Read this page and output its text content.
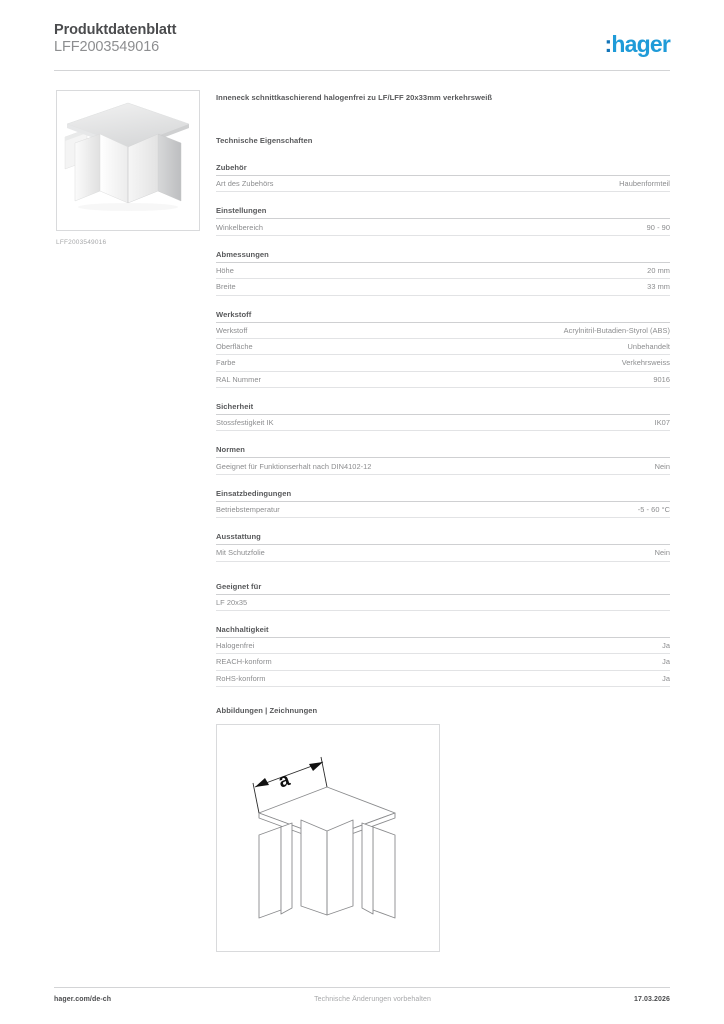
Produktdatenblatt
LFF2003549016	:hager
LFF2003549016
Inneneck schnittkaschierend halogenfrei zu LF/LFF 20x33mm verkehrsweiß
Technische Eigenschaften
Zubehör
Art des Zubehörs	Haubenformteil
Einstellungen
Winkelbereich	90 - 90
Abmessungen
Höhe	20 mm
Breite	33 mm
Werkstoff
Werkstoff	Acrylnitril-Butadien-Styrol (ABS)
Oberfläche	Unbehandelt
Farbe	Verkehrsweiss
RAL Nummer	9016
Sicherheit
Stossfestigkeit IK	IK07
Normen
Geeignet für Funktionserhalt nach DIN4102-12	Nein
Einsatzbedingungen
Betriebstemperatur	-5 - 60 °C
Ausstattung
Mit Schutzfolie	Nein
Geeignet für
LF 20x35
Nachhaltigkeit
Halogenfrei	Ja
REACH-konform	Ja
RoHS-konform	Ja
Abbildungen | Zeichnungen
a
hager.com/de-ch	Technische Änderungen vorbehalten	17.03.2026
